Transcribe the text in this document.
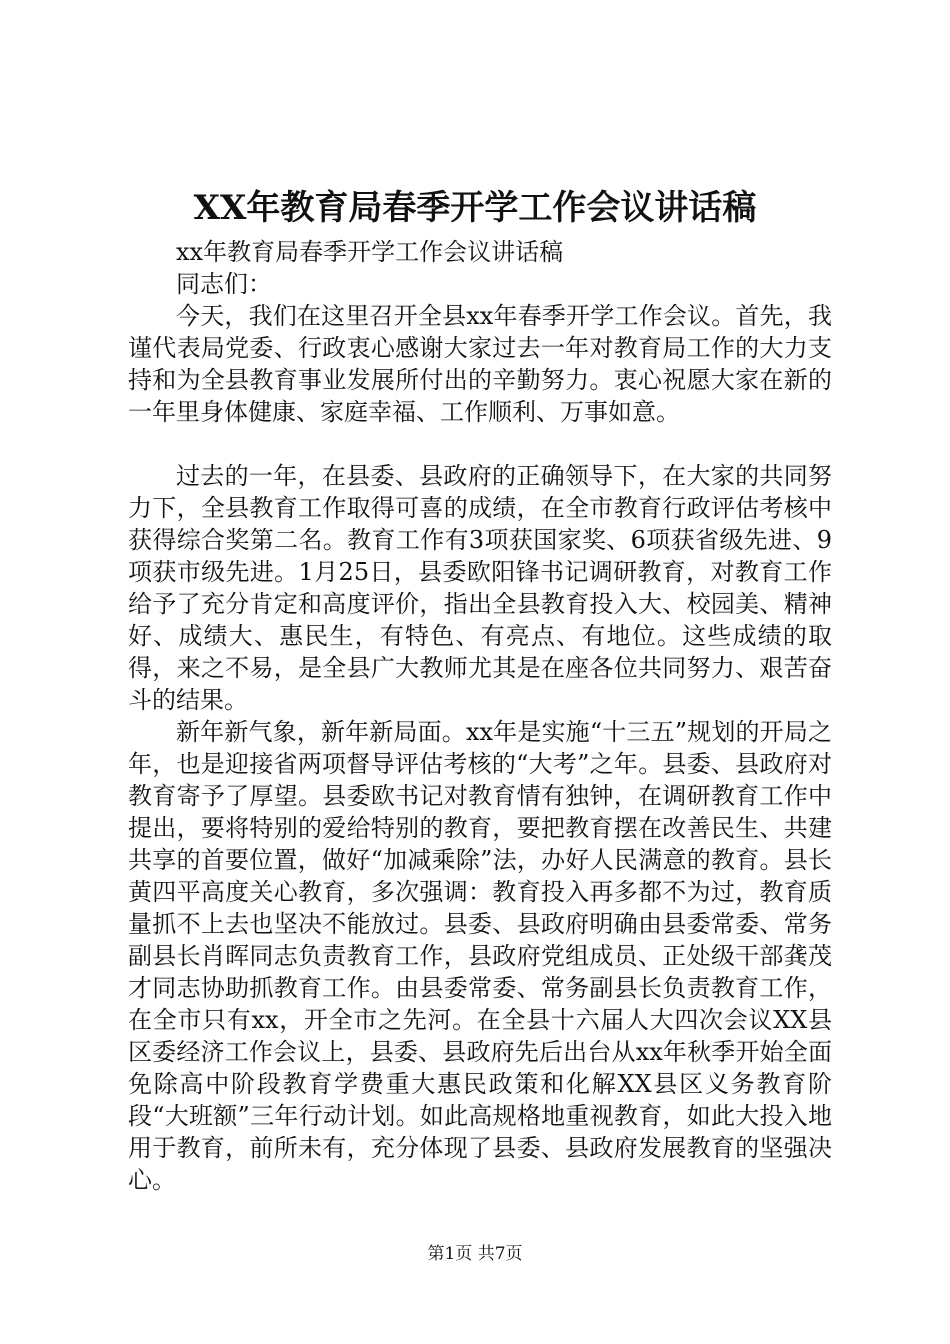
XX年教育局春季开学工作会议讲话稿

xx年教育局春季开学工作会议讲话稿

同志们：

今天，我们在这里召开全县xx年春季开学工作会议。首先，我谨代表局党委、行政衷心感谢大家过去一年对教育局工作的大力支持和为全县教育事业发展所付出的辛勤努力。衷心祝愿大家在新的一年里身体健康、家庭幸福、工作顺利、万事如意。

过去的一年，在县委、县政府的正确领导下，在大家的共同努力下，全县教育工作取得可喜的成绩，在全市教育行政评估考核中获得综合奖第二名。教育工作有3项获国家奖、6项获省级先进、9项获市级先进。1月25日，县委欧阳锋书记调研教育，对教育工作给予了充分肯定和高度评价，指出全县教育投入大、校园美、精神好、成绩大、惠民生，有特色、有亮点、有地位。这些成绩的取得，来之不易，是全县广大教师尤其是在座各位共同努力、艰苦奋斗的结果。

新年新气象，新年新局面。xx年是实施“十三五”规划的开局之年，也是迎接省两项督导评估考核的“大考”之年。县委、县政府对教育寄予了厚望。县委欧书记对教育情有独钟，在调研教育工作中提出，要将特别的爱给特别的教育，要把教育摆在改善民生、共建共享的首要位置，做好“加减乘除”法，办好人民满意的教育。县长黄四平高度关心教育，多次强调：教育投入再多都不为过，教育质量抓不上去也坚决不能放过。县委、县政府明确由县委常委、常务副县长肖晖同志负责教育工作，县政府党组成员、正处级干部龚茂才同志协助抓教育工作。由县委常委、常务副县长负责教育工作，在全市只有xx，开全市之先河。在全县十六届人大四次会议XX县区委经济工作会议上，县委、县政府先后出台从xx年秋季开始全面免除高中阶段教育学费重大惠民政策和化解XX县区义务教育阶段“大班额”三年行动计划。如此高规格地重视教育，如此大投入地用于教育，前所未有，充分体现了县委、县政府发展教育的坚强决心。

第1页 共7页
